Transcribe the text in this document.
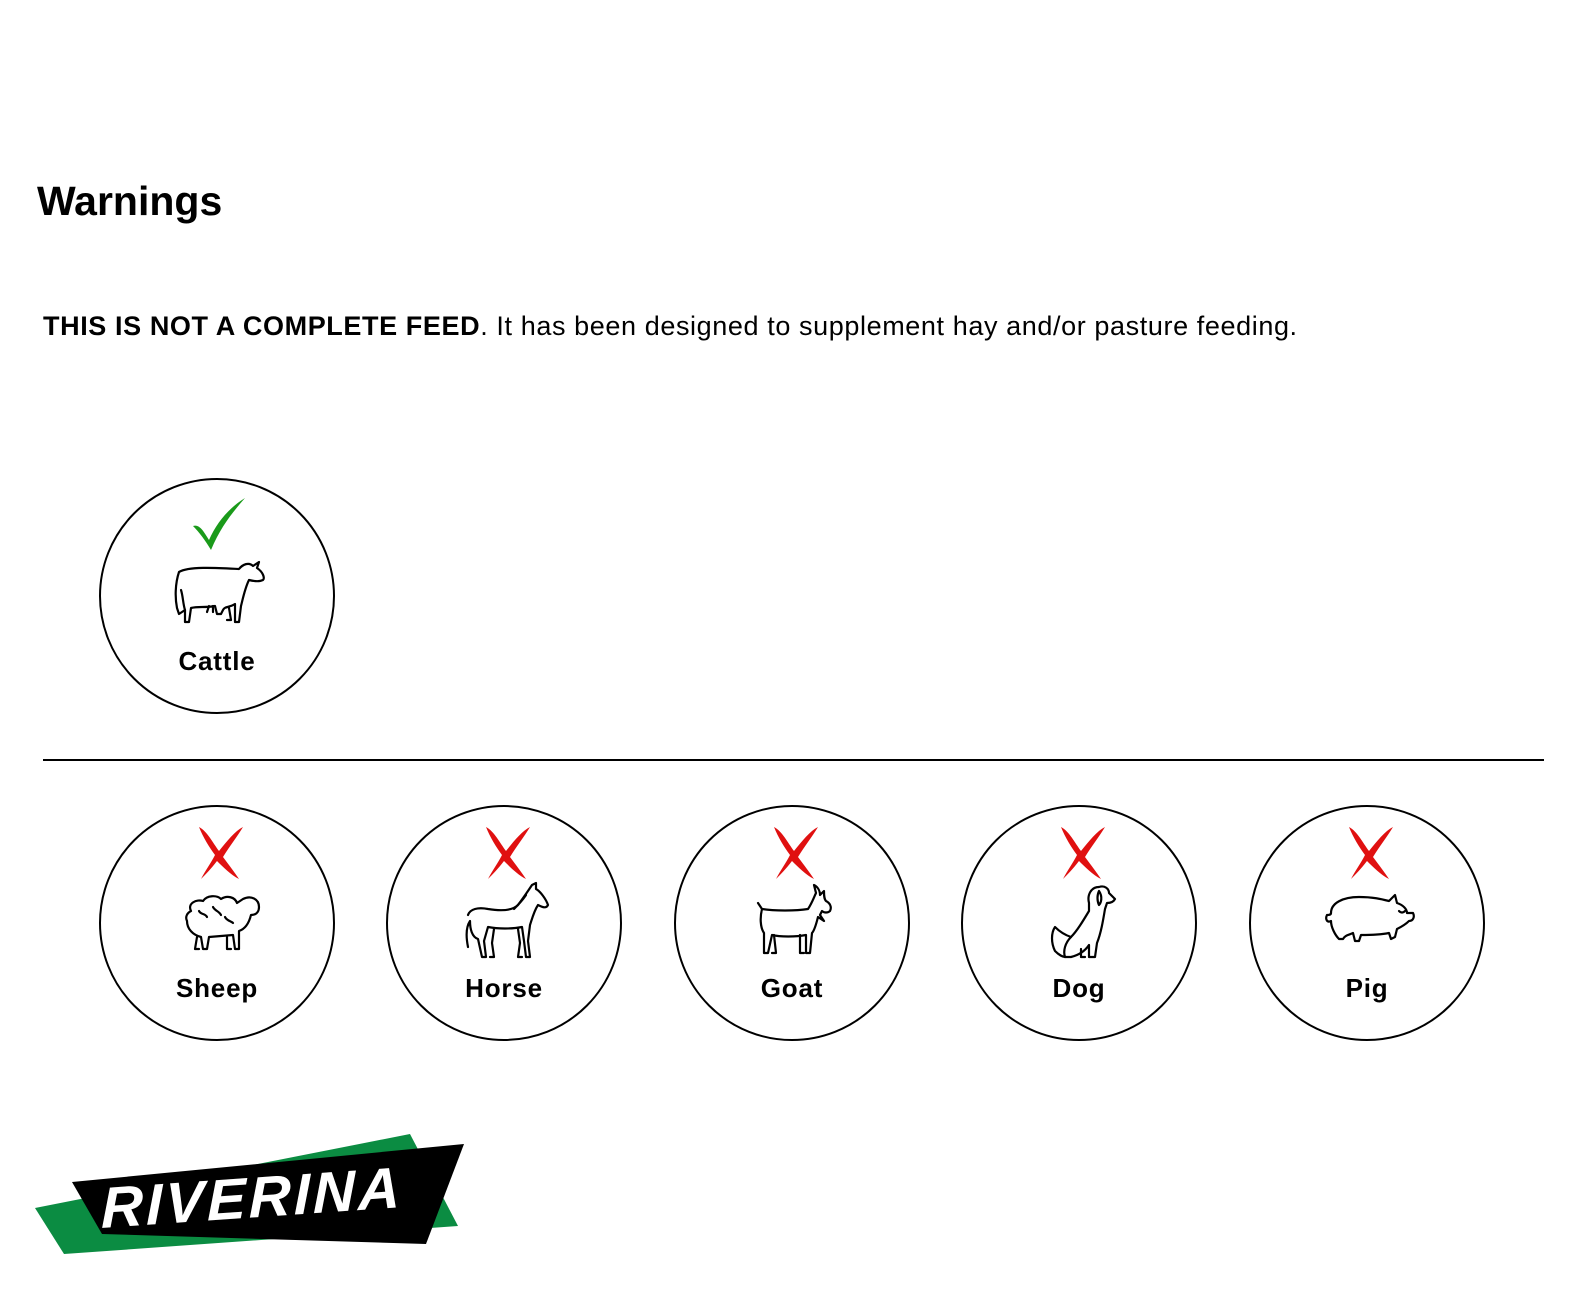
Warnings

THIS IS NOT A COMPLETE FEED. It has been designed to supplement hay and/or pasture feeding.

Cattle
Sheep	Horse	Goat	Dog	Pig
RIVERINA
